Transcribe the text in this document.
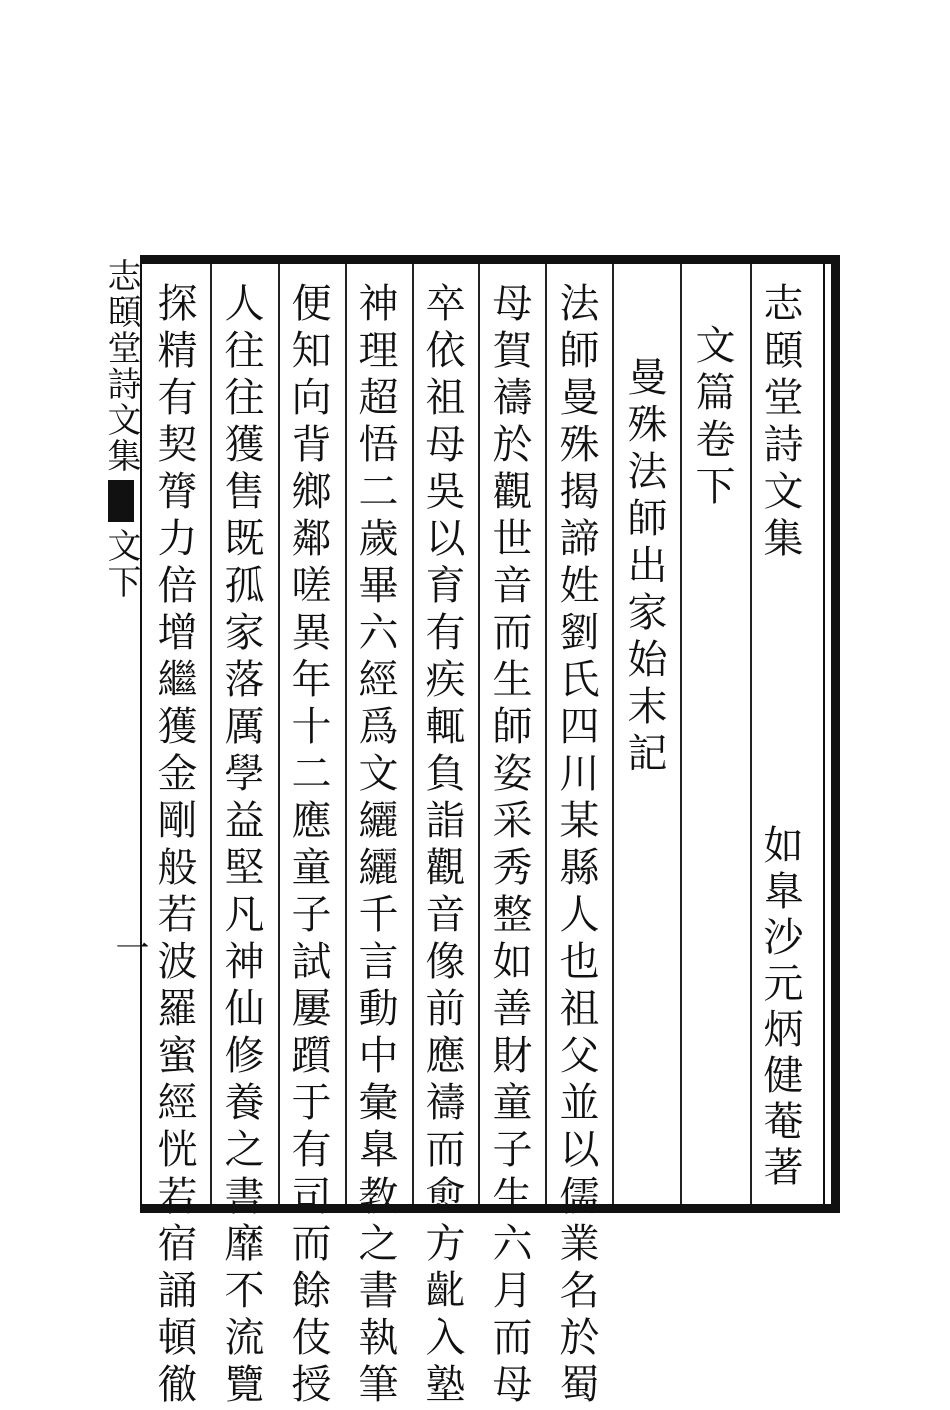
志頣堂詩文集
如臯沙元炳健菴著
文篇卷下
曼殊法師出家始末記
法師曼殊揭諦姓劉氏四川某縣人也祖父並以儒業名於蜀
母賀禱於觀世音而生師姿采秀整如善財童子生六月而母
卒依祖母吳以育有疾輒負詣觀音像前應禱而愈方齔入塾
神理超悟二歲畢六經爲文纚纚千言動中彙臯教之書執筆
便知向背鄉鄰嗟異年十二應童子試屢躓于有司而餘伎授
人往往獲售既孤家落厲學益堅凡神仙修養之書靡不流覽
探精有契膂力倍增繼獲金剛般若波羅蜜經恍若宿誦頓徹
志頣堂詩文集文下
一
